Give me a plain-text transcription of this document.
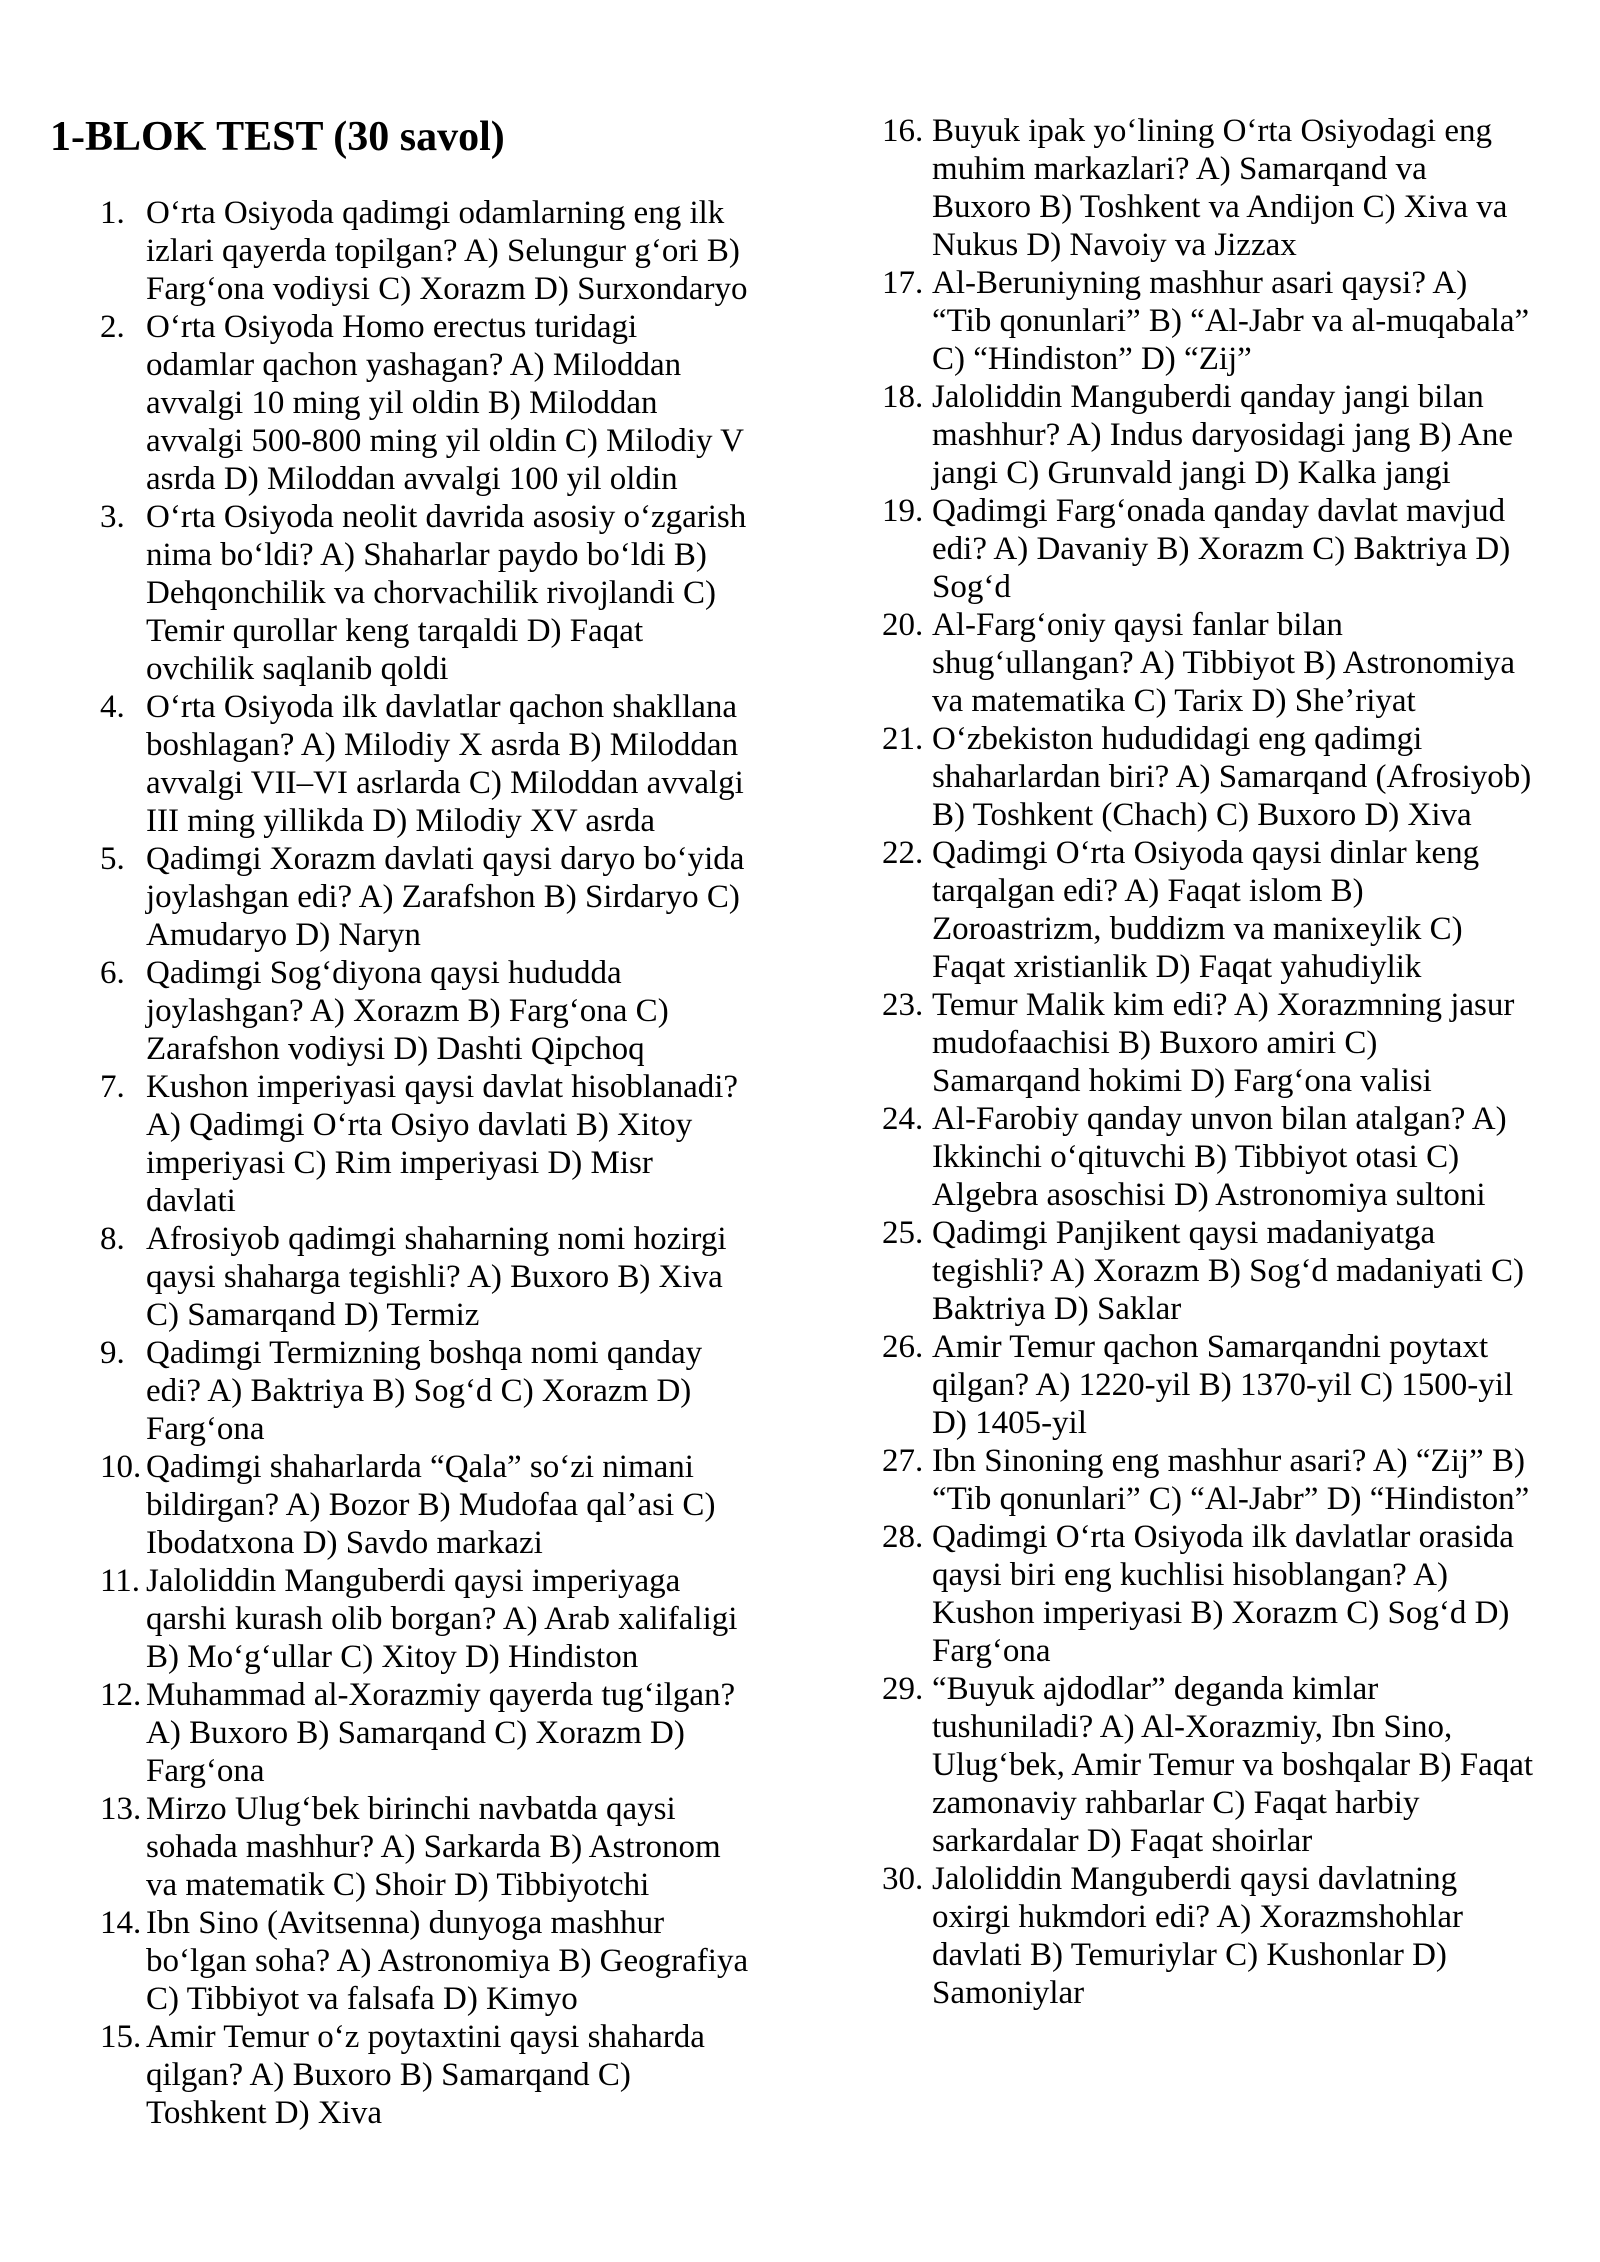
1-BLOK TEST (30 savol)
1. Oʻrta Osiyoda qadimgi odamlarning eng ilk izlari qayerda topilgan? A) Selungur gʻori B) Fargʻona vodiysi C) Xorazm D) Surxondaryo
2. Oʻrta Osiyoda Homo erectus turidagi odamlar qachon yashagan? A) Miloddan avvalgi 10 ming yil oldin B) Miloddan avvalgi 500-800 ming yil oldin C) Milodiy V asrda D) Miloddan avvalgi 100 yil oldin
3. Oʻrta Osiyoda neolit davrida asosiy oʻzgarish nima boʻldi? A) Shaharlar paydo boʻldi B) Dehqonchilik va chorvachilik rivojlandi C) Temir qurollar keng tarqaldi D) Faqat ovchilik saqlanib qoldi
4. Oʻrta Osiyoda ilk davlatlar qachon shakllana boshlagan? A) Milodiy X asrda B) Miloddan avvalgi VII–VI asrlarda C) Miloddan avvalgi III ming yillikda D) Milodiy XV asrda
5. Qadimgi Xorazm davlati qaysi daryo boʻyida joylashgan edi? A) Zarafshon B) Sirdaryo C) Amudaryo D) Naryn
6. Qadimgi Sogʻdiyona qaysi hududda joylashgan? A) Xorazm B) Fargʻona C) Zarafshon vodiysi D) Dashti Qipchoq
7. Kushon imperiyasi qaysi davlat hisoblanadi? A) Qadimgi Oʻrta Osiyo davlati B) Xitoy imperiyasi C) Rim imperiyasi D) Misr davlati
8. Afrosiyob qadimgi shaharning nomi hozirgi qaysi shaharga tegishli? A) Buxoro B) Xiva C) Samarqand D) Termiz
9. Qadimgi Termizning boshqa nomi qanday edi? A) Baktriya B) Sogʻd C) Xorazm D) Fargʻona
10. Qadimgi shaharlarda “Qala” soʻzi nimani bildirgan? A) Bozor B) Mudofaa qalʼasi C) Ibodatxona D) Savdo markazi
11. Jaloliddin Manguberdi qaysi imperiyaga qarshi kurash olib borgan? A) Arab xalifaligi B) Moʻgʻullar C) Xitoy D) Hindiston
12. Muhammad al-Xorazmiy qayerda tugʻilgan? A) Buxoro B) Samarqand C) Xorazm D) Fargʻona
13. Mirzo Ulugʻbek birinchi navbatda qaysi sohada mashhur? A) Sarkarda B) Astronom va matematik C) Shoir D) Tibbiyotchi
14. Ibn Sino (Avitsenna) dunyoga mashhur boʻlgan soha? A) Astronomiya B) Geografiya C) Tibbiyot va falsafa D) Kimyo
15. Amir Temur oʻz poytaxtini qaysi shaharda qilgan? A) Buxoro B) Samarqand C) Toshkent D) Xiva
16. Buyuk ipak yoʻlining Oʻrta Osiyodagi eng muhim markazlari? A) Samarqand va Buxoro B) Toshkent va Andijon C) Xiva va Nukus D) Navoiy va Jizzax
17. Al-Beruniyning mashhur asari qaysi? A) “Tib qonunlari” B) “Al-Jabr va al-muqabala” C) “Hindiston” D) “Zij”
18. Jaloliddin Manguberdi qanday jangi bilan mashhur? A) Indus daryosidagi jang B) Ane jangi C) Grunvald jangi D) Kalka jangi
19. Qadimgi Fargʻonada qanday davlat mavjud edi? A) Davaniy B) Xorazm C) Baktriya D) Sogʻd
20. Al-Fargʻoniy qaysi fanlar bilan shugʻullangan? A) Tibbiyot B) Astronomiya va matematika C) Tarix D) Sheʼriyat
21. Oʻzbekiston hududidagi eng qadimgi shaharlardan biri? A) Samarqand (Afrosiyob) B) Toshkent (Chach) C) Buxoro D) Xiva
22. Qadimgi Oʻrta Osiyoda qaysi dinlar keng tarqalgan edi? A) Faqat islom B) Zoroastrizm, buddizm va manixeylik C) Faqat xristianlik D) Faqat yahudiylik
23. Temur Malik kim edi? A) Xorazmning jasur mudofaachisi B) Buxoro amiri C) Samarqand hokimi D) Fargʻona valisi
24. Al-Farobiy qanday unvon bilan atalgan? A) Ikkinchi oʻqituvchi B) Tibbiyot otasi C) Algebra asoschisi D) Astronomiya sultoni
25. Qadimgi Panjikent qaysi madaniyatga tegishli? A) Xorazm B) Sogʻd madaniyati C) Baktriya D) Saklar
26. Amir Temur qachon Samarqandni poytaxt qilgan? A) 1220-yil B) 1370-yil C) 1500-yil D) 1405-yil
27. Ibn Sinoning eng mashhur asari? A) “Zij” B) “Tib qonunlari” C) “Al-Jabr” D) “Hindiston”
28. Qadimgi Oʻrta Osiyoda ilk davlatlar orasida qaysi biri eng kuchlisi hisoblangan? A) Kushon imperiyasi B) Xorazm C) Sogʻd D) Fargʻona
29. “Buyuk ajdodlar” deganda kimlar tushuniladi? A) Al-Xorazmiy, Ibn Sino, Ulugʻbek, Amir Temur va boshqalar B) Faqat zamonaviy rahbarlar C) Faqat harbiy sarkardalar D) Faqat shoirlar
30. Jaloliddin Manguberdi qaysi davlatning oxirgi hukmdori edi? A) Xorazmshohlar davlati B) Temuriylar C) Kushonlar D) Samoniylar
